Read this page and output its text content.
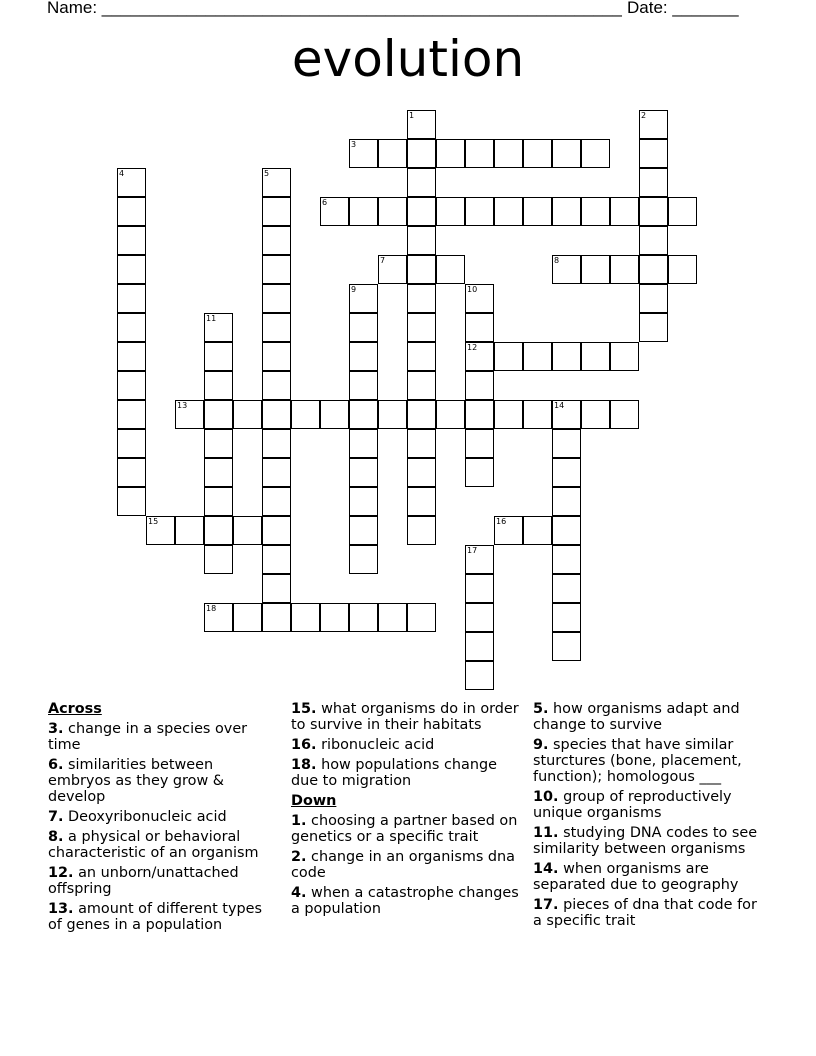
Name: _______________________________________________________ Date: _______
evolution
1	2
3
4	5
6
7	8
9	10
12
11
13	14
15	16
17
18
Across
3. change in a species over time
6. similarities between embryos as they grow & develop
7. Deoxyribonucleic acid
8. a physical or behavioral characteristic of an organism
12. an unborn/unattached offspring
13. amount of different types of genes in a population
15. what organisms do in order to survive in their habitats
16. ribonucleic acid
18. how populations change due to migration
Down
1. choosing a partner based on genetics or a specific trait
2. change in an organisms dna code
4. when a catastrophe changes a population
5. how organisms adapt and change to survive
9. species that have similar sturctures (bone, placement, function); homologous ___
10. group of reproductively unique organisms
11. studying DNA codes to see similarity between organisms
14. when organisms are separated due to geography
17. pieces of dna that code for a specific trait
